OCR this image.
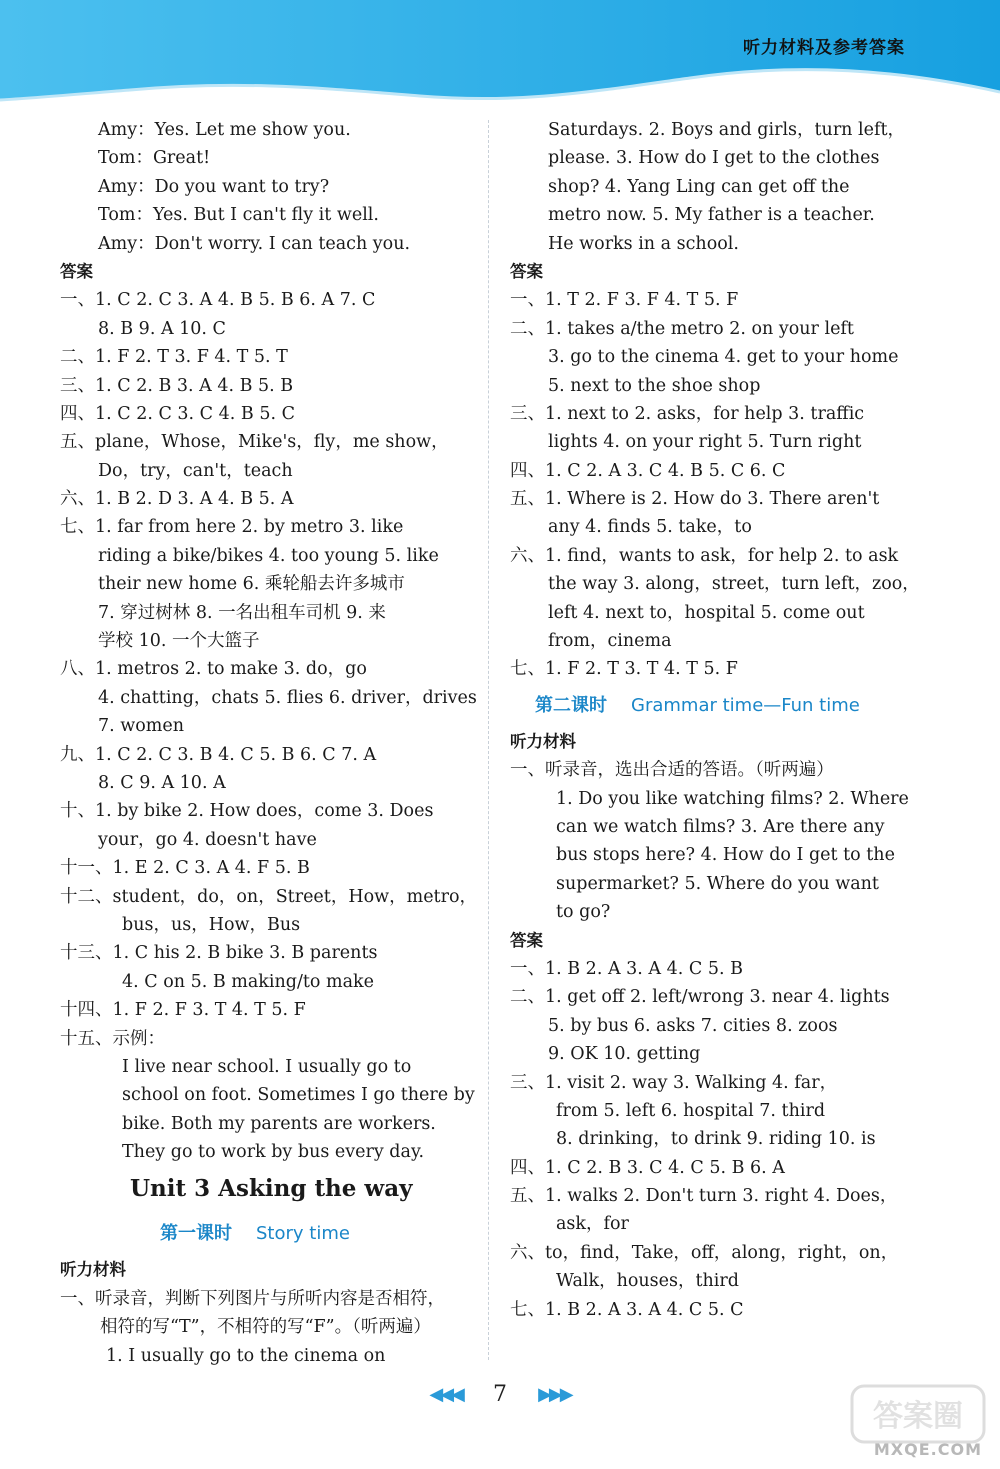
听力材料及参考答案
Amy：Yes. Let me show you.
Tom：Great!
Amy：Do you want to try?
Tom：Yes. But I can't fly it well.
Amy：Don't worry. I can teach you.
答案
一、1. C 2. C 3. A 4. B 5. B 6. A 7. C
8. B 9. A 10. C
二、1. F 2. T 3. F 4. T 5. T
三、1. C 2. B 3. A 4. B 5. B
四、1. C 2. C 3. C 4. B 5. C
五、plane，Whose，Mike's，fly，me show，
Do，try，can't，teach
六、1. B 2. D 3. A 4. B 5. A
七、1. far from here 2. by metro 3. like
riding a bike/bikes 4. too young 5. like
their new home 6. 乘轮船去许多城市
7. 穿过树林 8. 一名出租车司机 9. 来
学校 10. 一个大篮子
八、1. metros 2. to make 3. do，go
4. chatting，chats 5. flies 6. driver，drives
7. women
九、1. C 2. C 3. B 4. C 5. B 6. C 7. A
8. C 9. A 10. A
十、1. by bike 2. How does，come 3. Does
your，go 4. doesn't have
十一、1. E 2. C 3. A 4. F 5. B
十二、student，do，on，Street，How，metro，
bus，us，How，Bus
十三、1. C his 2. B bike 3. B parents
4. C on 5. B making/to make
十四、1. F 2. F 3. T 4. T 5. F
十五、示例：
I live near school. I usually go to
school on foot. Sometimes I go there by
bike. Both my parents are workers.
They go to work by bus every day.
Unit 3 Asking the way
第一课时 Story time
听力材料
一、听录音，判断下列图片与所听内容是否相符，
相符的写“T”，不相符的写“F”。（听两遍）
1. I usually go to the cinema on
Saturdays. 2. Boys and girls，turn left，
please. 3. How do I get to the clothes
shop? 4. Yang Ling can get off the
metro now. 5. My father is a teacher.
He works in a school.
答案
一、1. T 2. F 3. F 4. T 5. F
二、1. takes a/the metro 2. on your left
3. go to the cinema 4. get to your home
5. next to the shoe shop
三、1. next to 2. asks，for help 3. traffic
lights 4. on your right 5. Turn right
四、1. C 2. A 3. C 4. B 5. C 6. C
五、1. Where is 2. How do 3. There aren't
any 4. finds 5. take，to
六、1. find，wants to ask，for help 2. to ask
the way 3. along，street，turn left，zoo，
left 4. next to，hospital 5. come out
from，cinema
七、1. F 2. T 3. T 4. T 5. F
第二课时 Grammar time—Fun time
听力材料
一、听录音，选出合适的答语。（听两遍）
1. Do you like watching films? 2. Where
can we watch films? 3. Are there any
bus stops here? 4. How do I get to the
supermarket? 5. Where do you want
to go?
答案
一、1. B 2. A 3. A 4. C 5. B
二、1. get off 2. left/wrong 3. near 4. lights
5. by bus 6. asks 7. cities 8. zoos
9. OK 10. getting
三、1. visit 2. way 3. Walking 4. far，
from 5. left 6. hospital 7. third
8. drinking，to drink 9. riding 10. is
四、1. C 2. B 3. C 4. C 5. B 6. A
五、1. walks 2. Don't turn 3. right 4. Does，
ask，for
六、to，find，Take，off，along，right，on，
Walk，houses，third
七、1. B 2. A 3. A 4. C 5. C
◀◀◀ 7 ▶▶▶
答案圈
MXQE.COM
